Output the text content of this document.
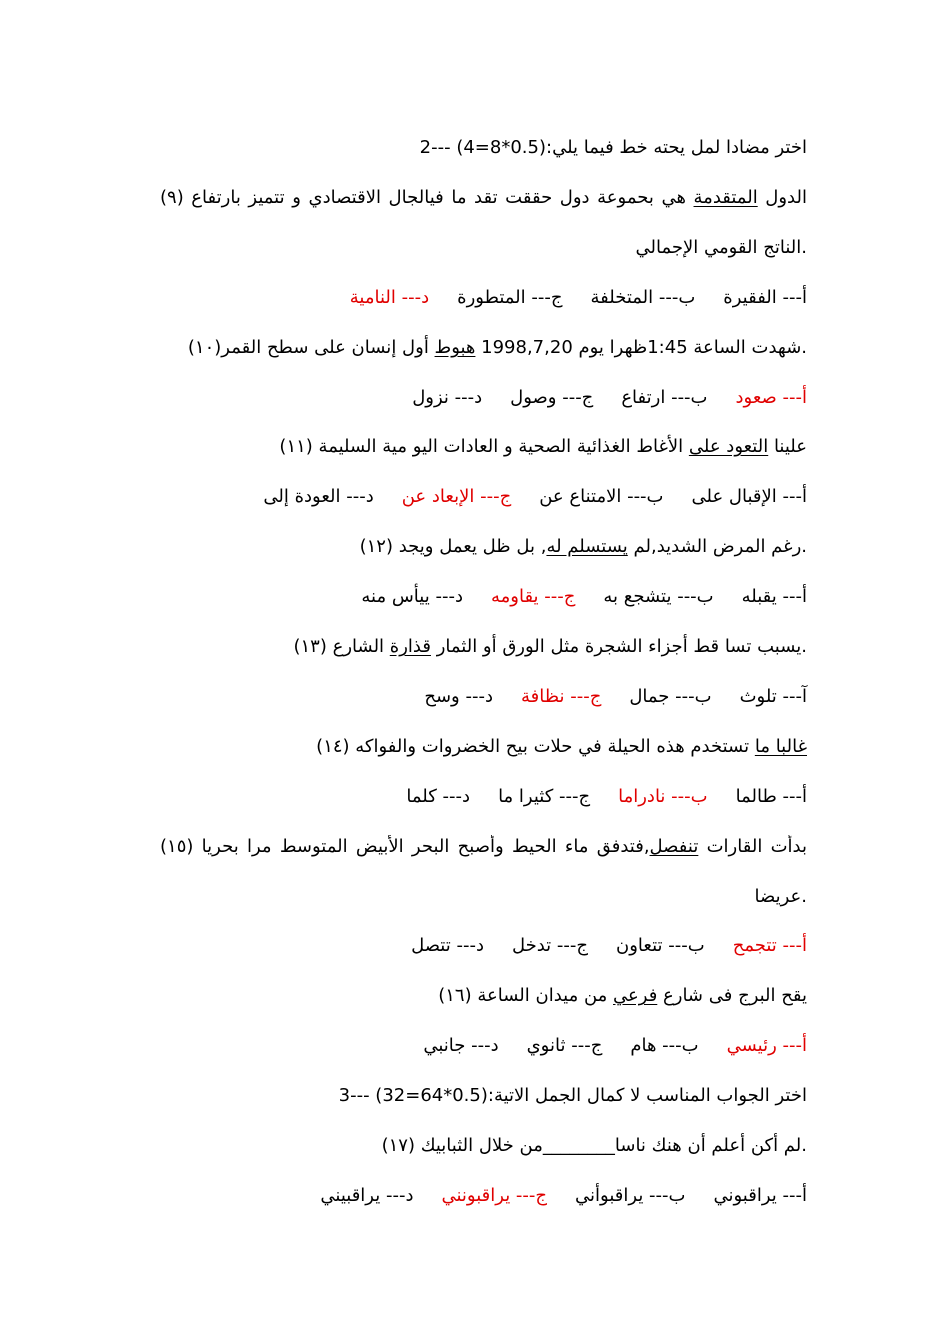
اختر مضادا لمل يحته خط فيما يلي:(0.5*8=4) ---2
الدول المتقدمة هي بحموعة دول حققت تقد ما فيالجال الاقتصادي و تتميز بارتفاع (٩)
.الناتج القومي الإجمالي
أ--- الفقيرةب--- المتخلفةج--- المتطورةد--- النامية
.شهدت الساعة 1:45ظهرا يوم 1998,7,20 هبوط أول إنسان على سطح القمر(١٠)
أ--- صعودب--- ارتفاعج--- وصولد--- نزول
علينا التعود على الأغاط الغذائية الصحية و العادات اليو مية السليمة (١١)
أ--- الإقبال علىب--- الامتناع عنج--- الإبعاد عند--- العودة إلى
.رغم المرض الشديد,لم يستسلم له, بل ظل يعمل ويجد (١٢)
أ--- يقبلهب--- يتشجع بهج--- يقاومهد--- ييأس منه
.يسبب تسا قط أجزاء الشجرة مثل الورق أو الثمار قذارة الشارع (١٣)
آ--- تلوثب--- جمالج--- نظافةد--- وسح
غالبا ما تستخدم هذه الحيلة في حلات بيح الخضروات والفواكه (١٤)
أ--- طالماب--- نادراماج--- كثيرا ماد--- كلما
بدأت القارات تنفصل,فتدفق ماء الحيط وأصبح البحر الأبيض المتوسط مرا بحريا (١٥)
.عريضا
أ--- تتجمحب--- تتعاونج--- تدخلد--- تتصل
يقح البرج فى شارع فرعي من ميدان الساعة (١٦)
أ--- رئيسيب--- هامج--- ثانويد--- جانبي
اختر الجواب المناسب لا كمال الجمل الاتية:(0.5*64=32) ---3
.لم أكن أعلم أن هنك ناسا________من خلال الثبابيك (١٧)
أ--- يراقبونيب--- يراقبوأنيج--- يراقبوننيد--- يراقبيني
